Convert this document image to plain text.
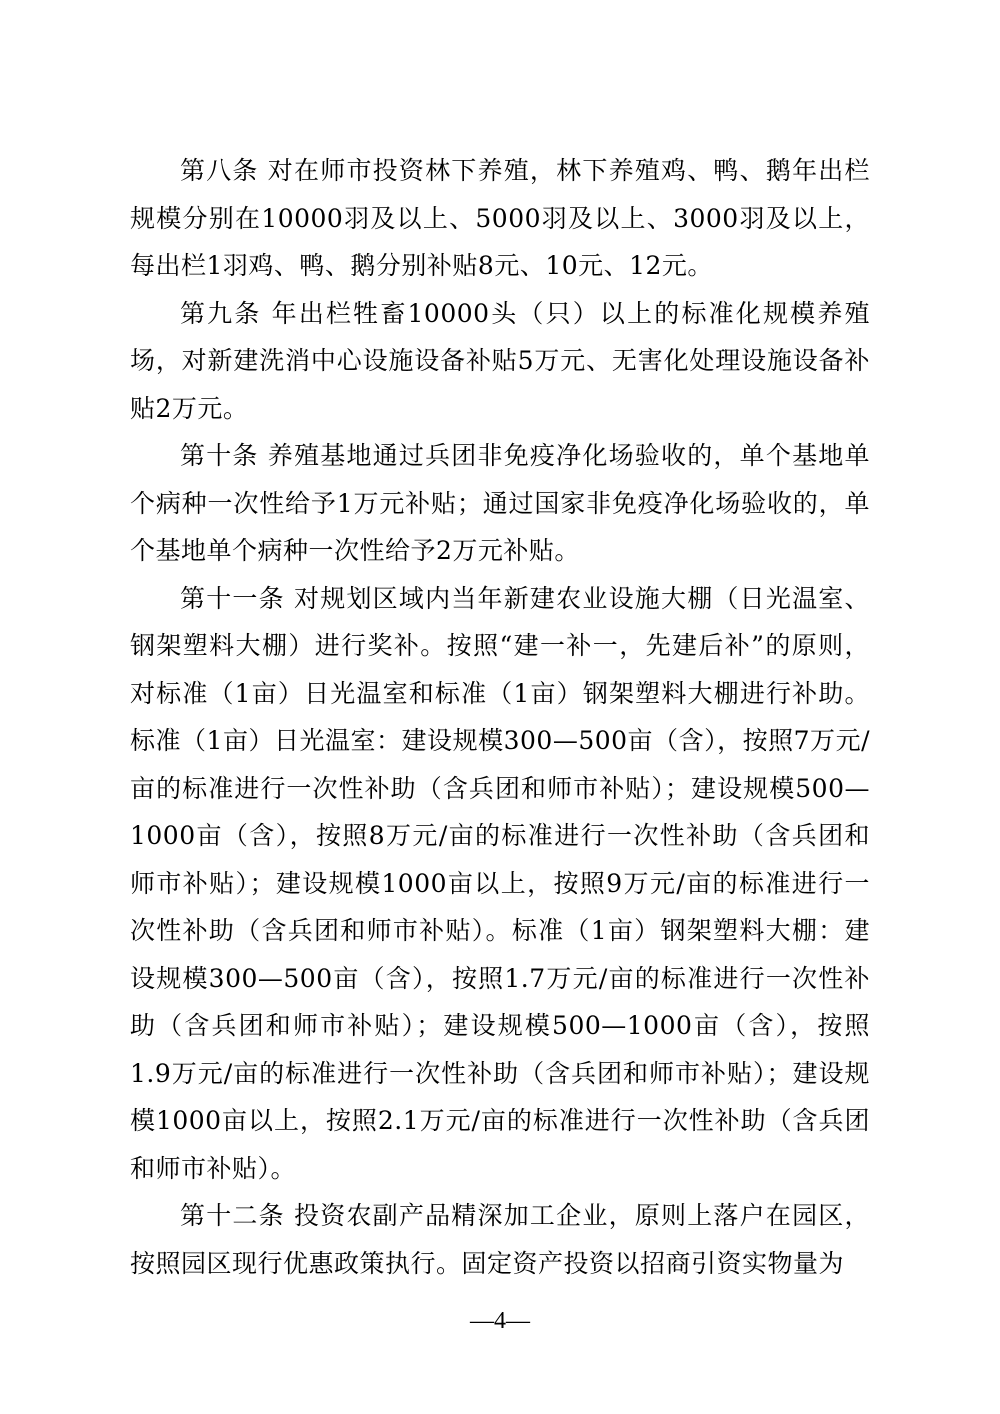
第八条 对在师市投资林下养殖，林下养殖鸡、鸭、鹅年出栏规模分别在10000羽及以上、5000羽及以上、3000羽及以上，每出栏1羽鸡、鸭、鹅分别补贴8元、10元、12元。

第九条 年出栏牲畜10000头（只）以上的标准化规模养殖场，对新建洗消中心设施设备补贴5万元、无害化处理设施设备补贴2万元。

第十条 养殖基地通过兵团非免疫净化场验收的，单个基地单个病种一次性给予1万元补贴；通过国家非免疫净化场验收的，单个基地单个病种一次性给予2万元补贴。

第十一条 对规划区域内当年新建农业设施大棚（日光温室、钢架塑料大棚）进行奖补。按照“建一补一，先建后补”的原则，对标准（1亩）日光温室和标准（1亩）钢架塑料大棚进行补助。标准（1亩）日光温室：建设规模300—500亩（含），按照7万元/亩的标准进行一次性补助（含兵团和师市补贴）；建设规模500—1000亩（含），按照8万元/亩的标准进行一次性补助（含兵团和师市补贴）；建设规模1000亩以上，按照9万元/亩的标准进行一次性补助（含兵团和师市补贴）。标准（1亩）钢架塑料大棚：建设规模300—500亩（含），按照1.7万元/亩的标准进行一次性补助（含兵团和师市补贴）；建设规模500—1000亩（含），按照1.9万元/亩的标准进行一次性补助（含兵团和师市补贴）；建设规模1000亩以上，按照2.1万元/亩的标准进行一次性补助（含兵团和师市补贴）。

第十二条 投资农副产品精深加工企业，原则上落户在园区，按照园区现行优惠政策执行。固定资产投资以招商引资实物量为

—4—
